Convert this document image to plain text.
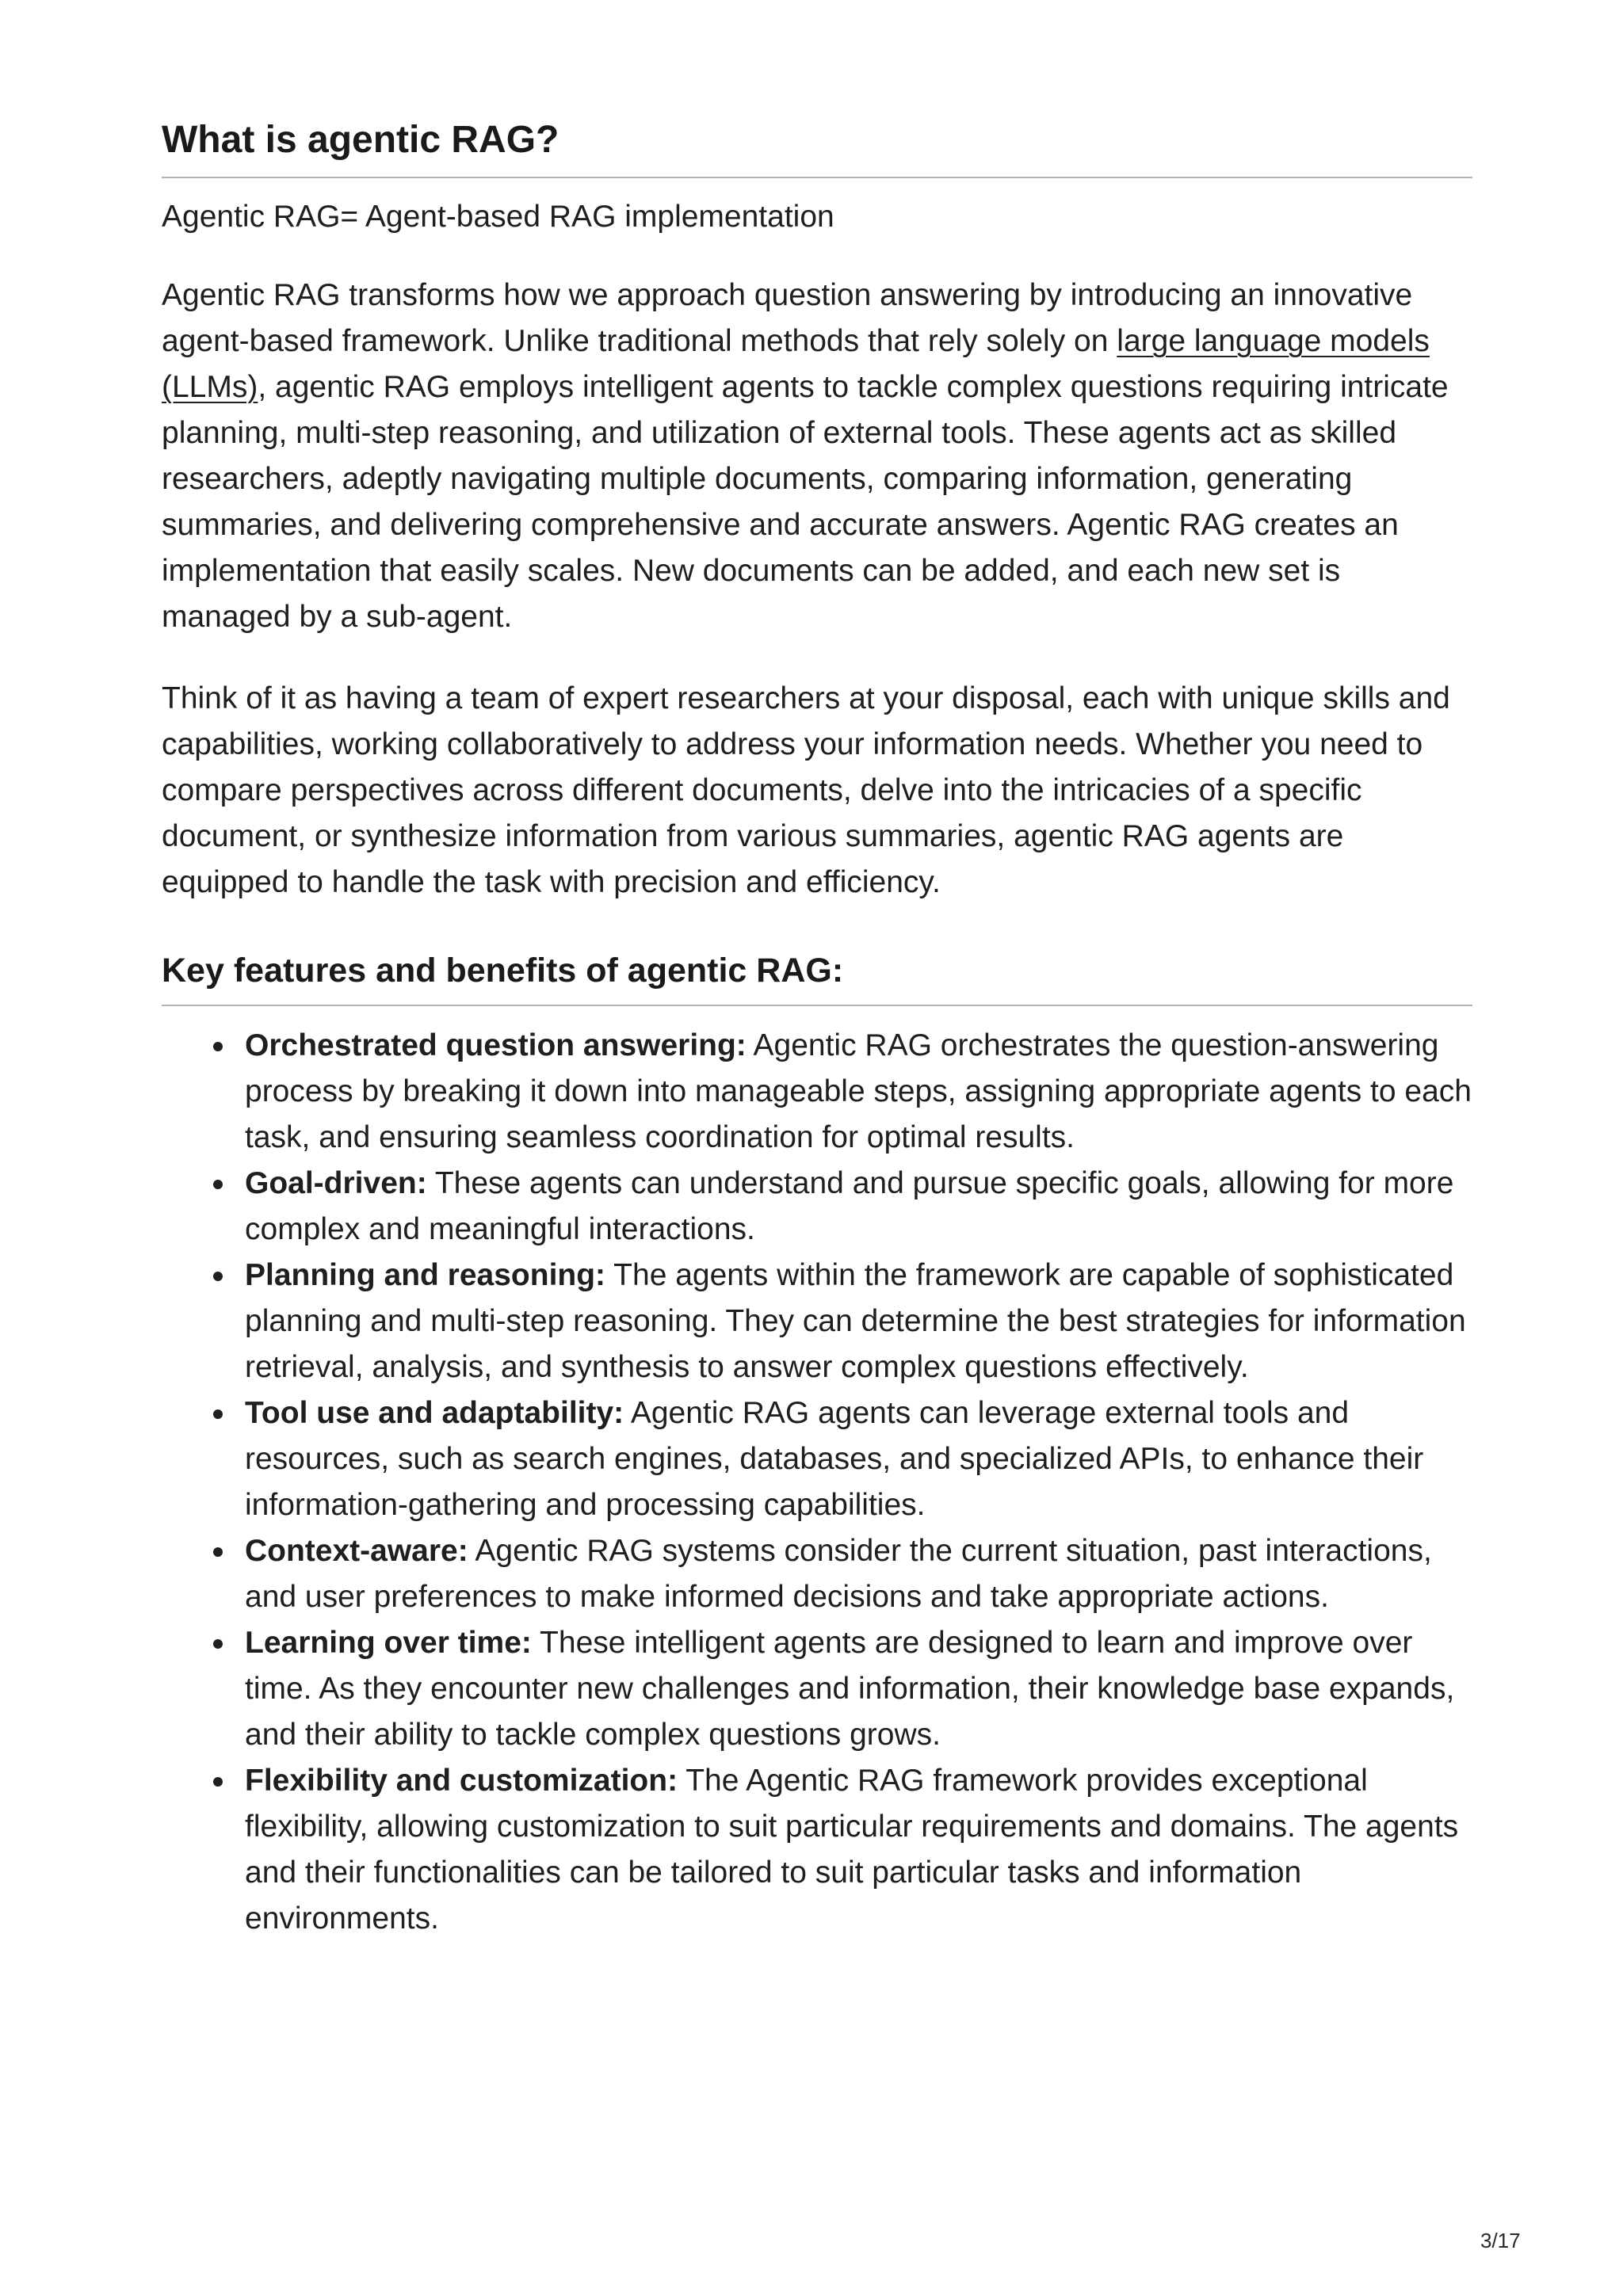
What is agentic RAG?

Agentic RAG= Agent-based RAG implementation

Agentic RAG transforms how we approach question answering by introducing an innovative agent-based framework. Unlike traditional methods that rely solely on large language models (LLMs), agentic RAG employs intelligent agents to tackle complex questions requiring intricate planning, multi-step reasoning, and utilization of external tools. These agents act as skilled researchers, adeptly navigating multiple documents, comparing information, generating summaries, and delivering comprehensive and accurate answers. Agentic RAG creates an implementation that easily scales. New documents can be added, and each new set is managed by a sub-agent.

Think of it as having a team of expert researchers at your disposal, each with unique skills and capabilities, working collaboratively to address your information needs. Whether you need to compare perspectives across different documents, delve into the intricacies of a specific document, or synthesize information from various summaries, agentic RAG agents are equipped to handle the task with precision and efficiency.

Key features and benefits of agentic RAG:
Orchestrated question answering: Agentic RAG orchestrates the question-answering process by breaking it down into manageable steps, assigning appropriate agents to each task, and ensuring seamless coordination for optimal results.
Goal-driven: These agents can understand and pursue specific goals, allowing for more complex and meaningful interactions.
Planning and reasoning: The agents within the framework are capable of sophisticated planning and multi-step reasoning. They can determine the best strategies for information retrieval, analysis, and synthesis to answer complex questions effectively.
Tool use and adaptability: Agentic RAG agents can leverage external tools and resources, such as search engines, databases, and specialized APIs, to enhance their information-gathering and processing capabilities.
Context-aware: Agentic RAG systems consider the current situation, past interactions, and user preferences to make informed decisions and take appropriate actions.
Learning over time: These intelligent agents are designed to learn and improve over time. As they encounter new challenges and information, their knowledge base expands, and their ability to tackle complex questions grows.
Flexibility and customization: The Agentic RAG framework provides exceptional flexibility, allowing customization to suit particular requirements and domains. The agents and their functionalities can be tailored to suit particular tasks and information environments.
3/17
